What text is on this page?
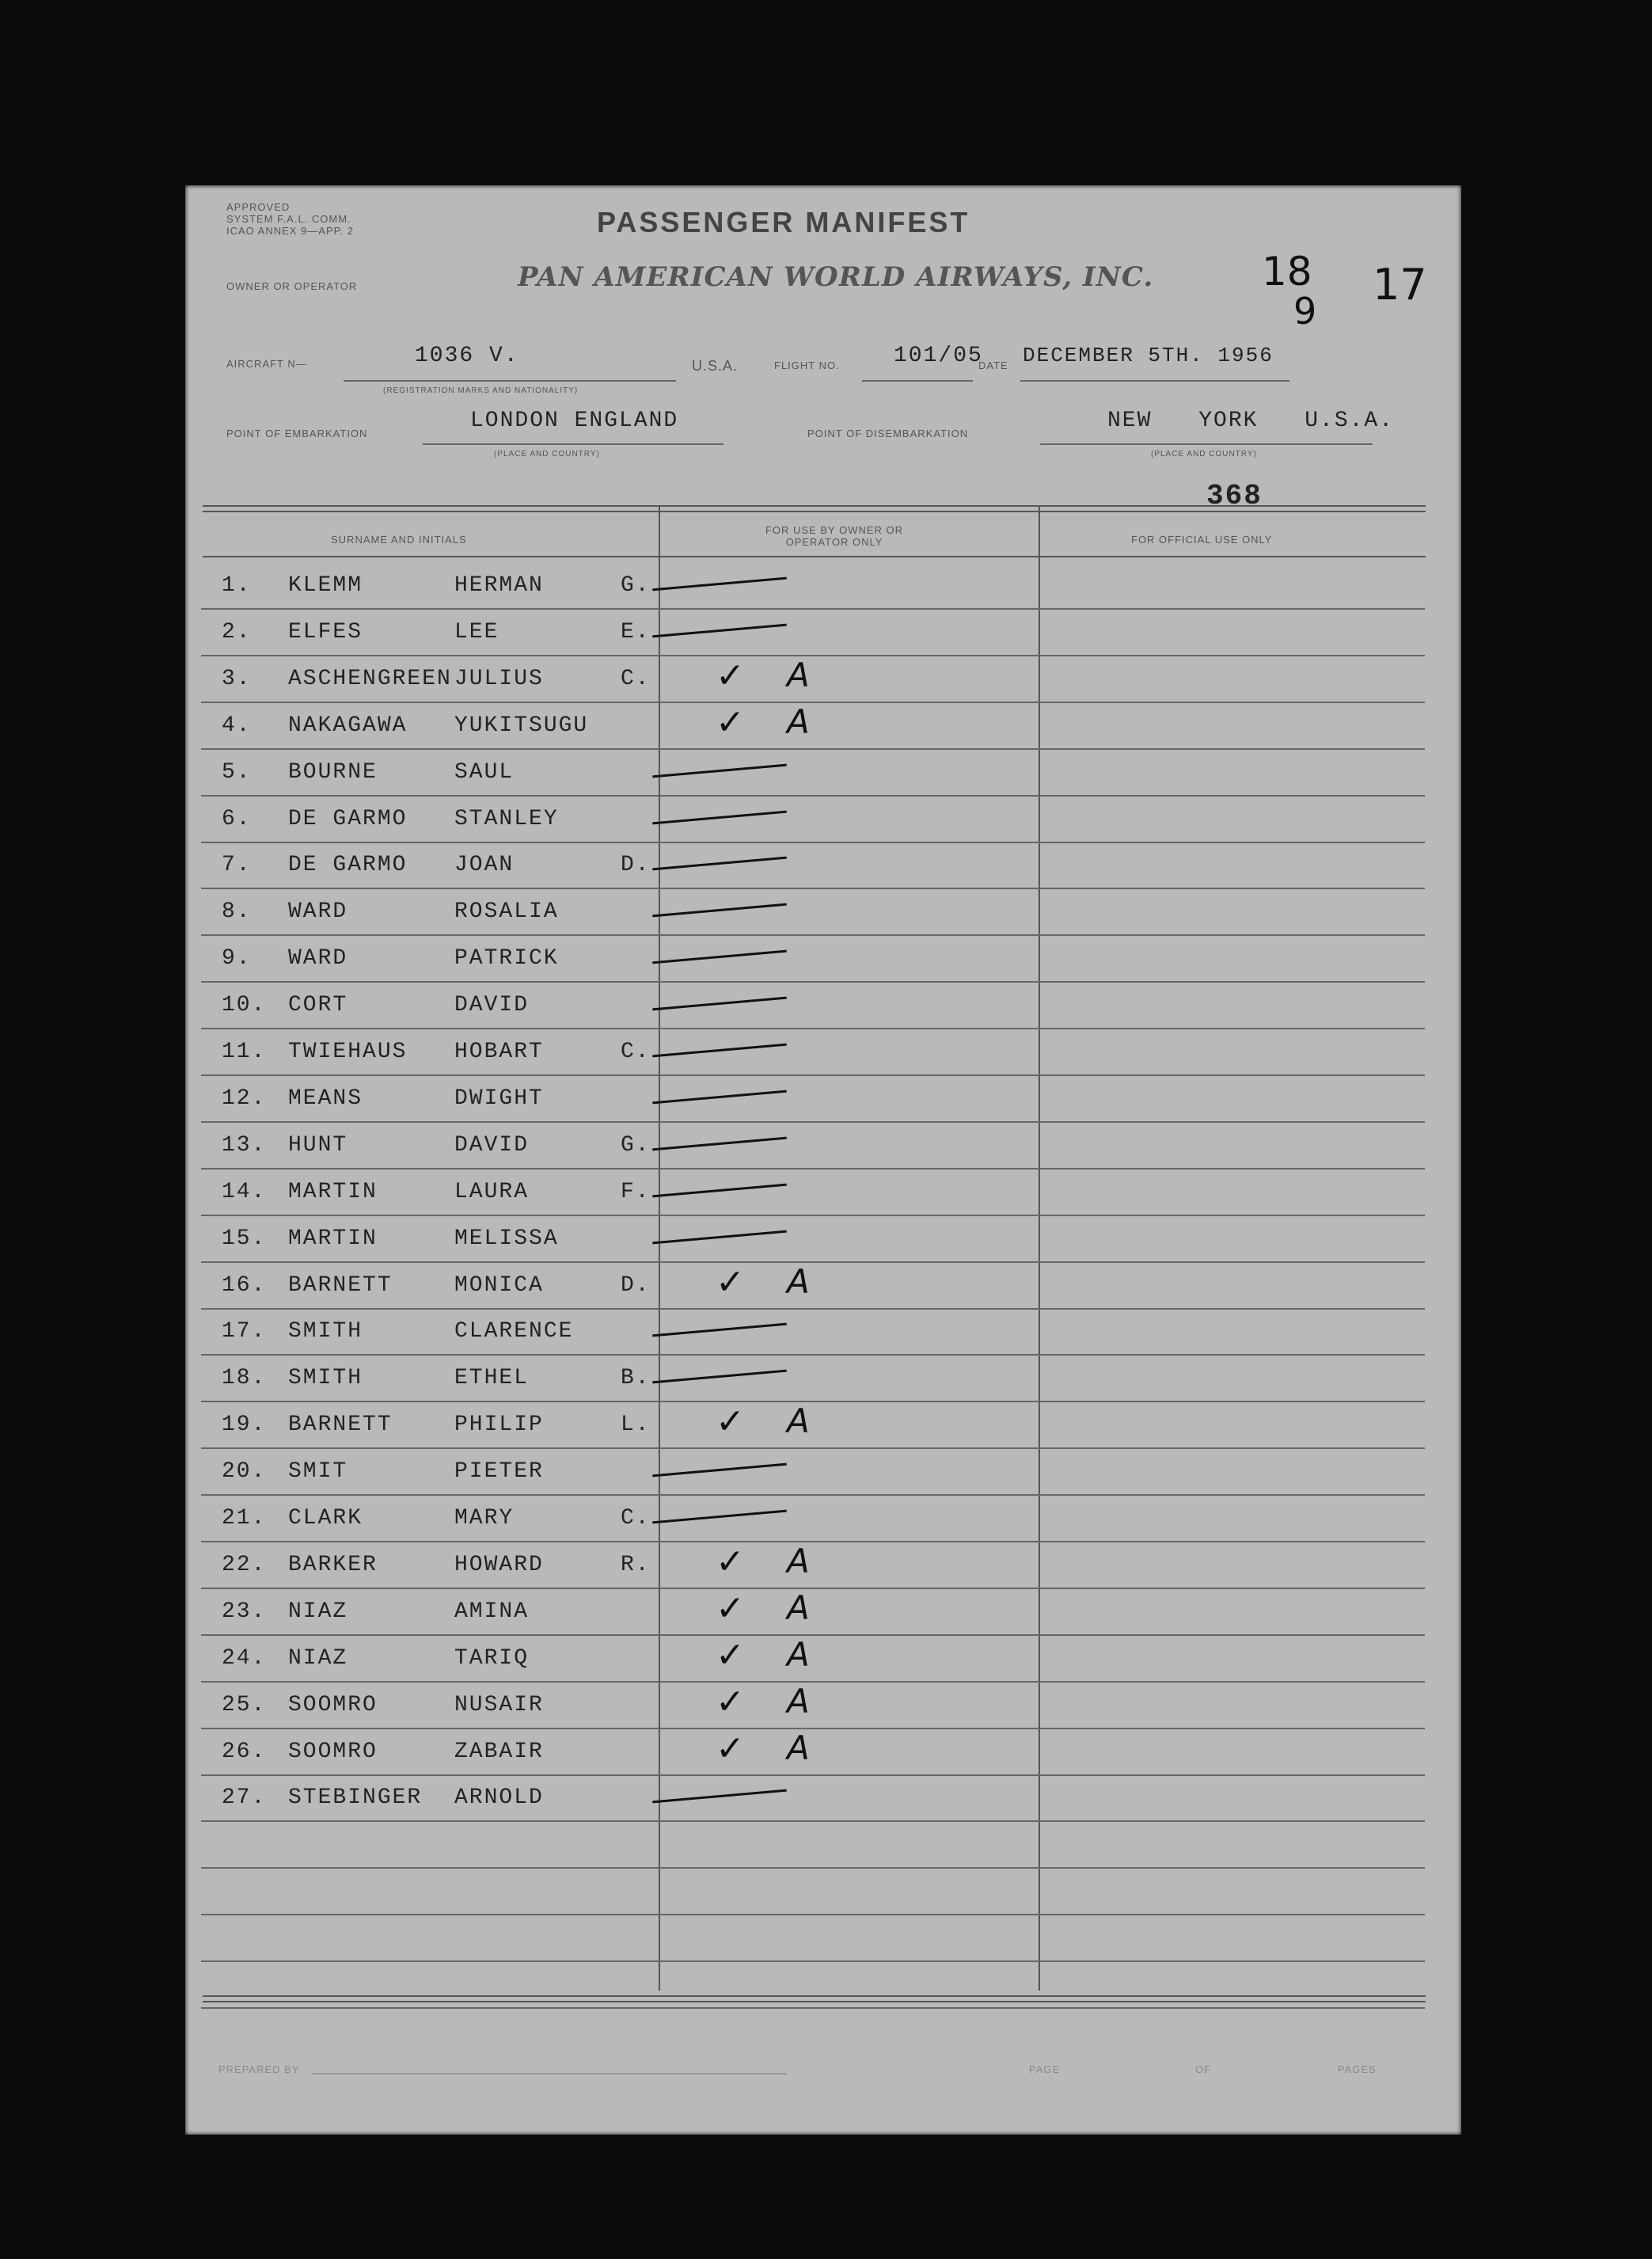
APPROVED
SYSTEM F.A.L. COMM.
ICAO ANNEX 9—APP. 2	PASSENGER MANIFEST
OWNER OR OPERATOR	PAN AMERICAN WORLD AIRWAYS, INC.
AIRCRAFT N—	1036 V.
(REGISTRATION MARKS AND NATIONALITY)
U.S.A.	FLIGHT NO. 101/05
DATE DECEMBER 5TH. 1956
POINT OF EMBARKATION
LONDON ENGLAND
(PLACE AND COUNTRY)
POINT OF DISEMBARKATION
NEW YORK U.S.A.
(PLACE AND COUNTRY)
368
18
9
17
SURNAME AND INITIALS
FOR USE BY OWNER OR OPERATOR ONLY	FOR OFFICIAL USE ONLY
1. KLEMM	HERMAN	G.
2. ELFES	LEE	E.
3. ASCHENGREEN JULIUS	C. ✓ A
4. NAKAGAWA YUKITSUGU	✓ A
5. BOURNE	SAUL
6. DE GARMO STANLEY
7. DE GARMO JOAN	D.
8. WARD	ROSALIA
9. WARD	PATRICK
10. CORT	DAVID
11. TWIEHAUS HOBART	C.
12. MEANS	DWIGHT
13. HUNT	DAVID	G.
14. MARTIN	LAURA	F.
15. MARTIN	MELISSA
16. BARNETT	MONICA	D. ✓ A
17. SMITH	CLARENCE
18. SMITH	ETHEL	B.
19. BARNETT	PHILIP	L. ✓ A
20. SMIT	PIETER
21. CLARK	MARY	C.
22. BARKER	HOWARD	R. ✓ A
23. NIAZ	AMINA	✓ A
24. NIAZ	TARIQ	✓ A
25. SOOMRO	NUSAIR	✓ A
26. SOOMRO	ZABAIR	✓ A
27. STEBINGER ARNOLD
PREPARED BY	PAGE	OF	PAGES
